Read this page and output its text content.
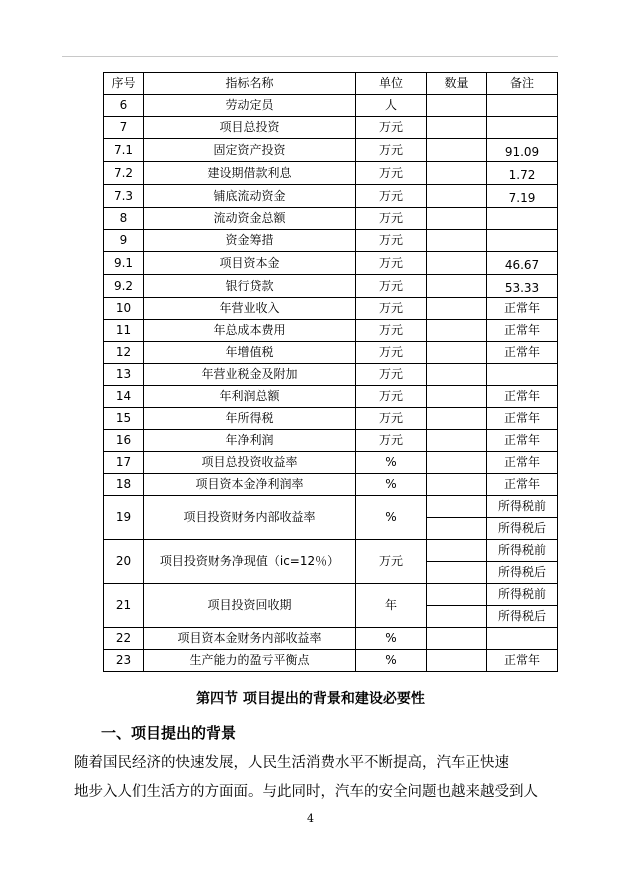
序号	指标名称	单位	数量	备注
6	劳动定员	人		
7	项目总投资	万元		
7.1	固定资产投资	万元		91.09
7.2	建设期借款利息	万元		1.72
7.3	铺底流动资金	万元		7.19
8	流动资金总额	万元		
9	资金筹措	万元		
9.1	项目资本金	万元		46.67
9.2	银行贷款	万元		53.33
10	年营业收入	万元		正常年
11	年总成本费用	万元		正常年
12	年增值税	万元		正常年
13	年营业税金及附加	万元		
14	年利润总额	万元		正常年
15	年所得税	万元		正常年
16	年净利润	万元		正常年
17	项目总投资收益率	%		正常年
18	项目资本金净利润率	%		正常年
19	项目投资财务内部收益率	%		所得税前
				所得税后
20	项目投资财务净现值（ic=12％）	万元		所得税前
				所得税后
21	项目投资回收期	年		所得税前
				所得税后
22	项目资本金财务内部收益率	%		
23	生产能力的盈亏平衡点	%		正常年
第四节 项目提出的背景和建设必要性
一、项目提出的背景
随着国民经济的快速发展，人民生活消费水平不断提高，汽车正快速
地步入人们生活方的方面面。与此同时，汽车的安全问题也越来越受到人
4
